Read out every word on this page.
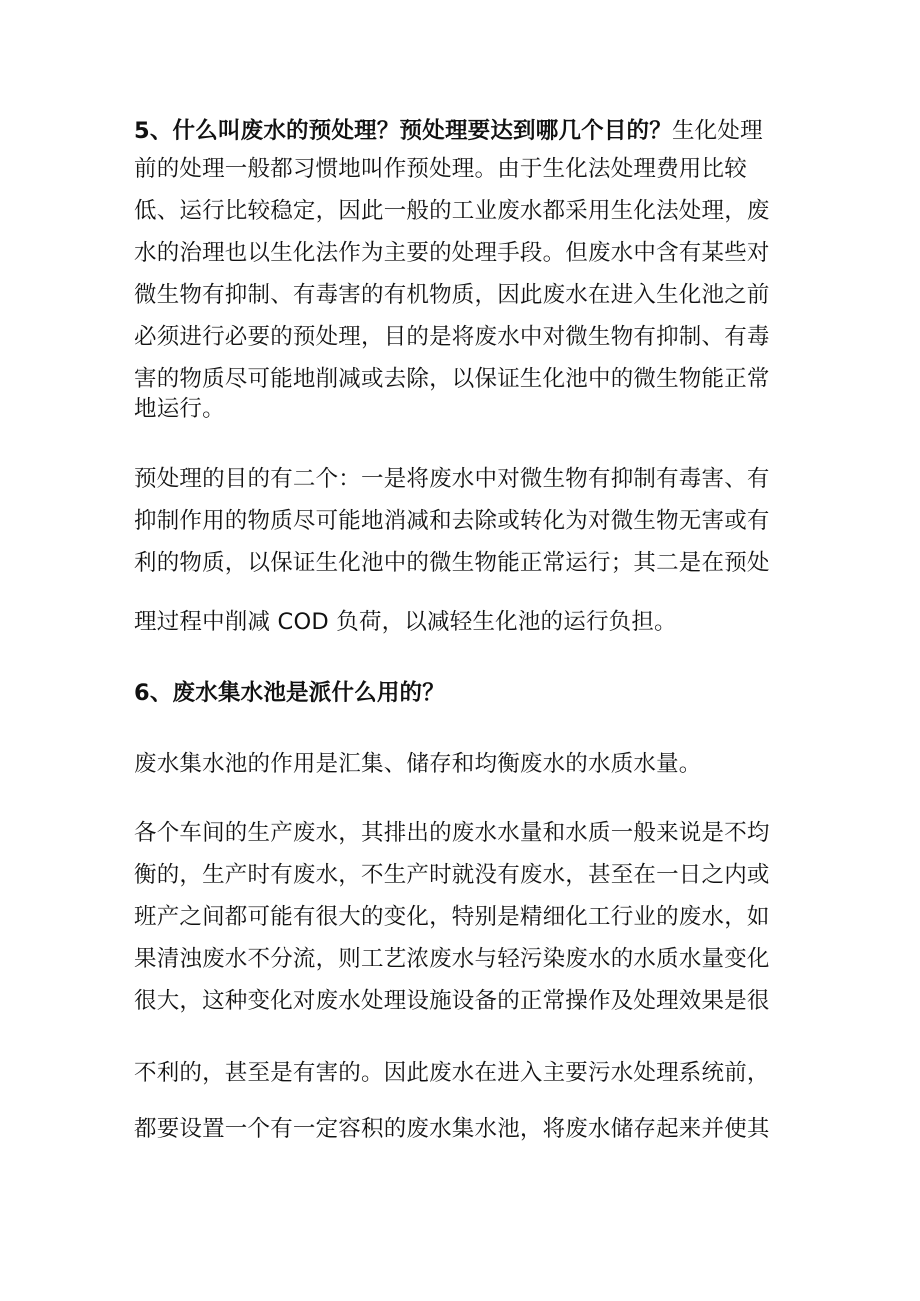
5、什么叫废水的预处理？预处理要达到哪几个目的？生化处理
前的处理一般都习惯地叫作预处理。由于生化法处理费用比较
低、运行比较稳定，因此一般的工业废水都采用生化法处理，废
水的治理也以生化法作为主要的处理手段。但废水中含有某些对
微生物有抑制、有毒害的有机物质，因此废水在进入生化池之前
必须进行必要的预处理，目的是将废水中对微生物有抑制、有毒
害的物质尽可能地削减或去除，以保证生化池中的微生物能正常
地运行。
预处理的目的有二个：一是将废水中对微生物有抑制有毒害、有
抑制作用的物质尽可能地消减和去除或转化为对微生物无害或有
利的物质，以保证生化池中的微生物能正常运行；其二是在预处
理过程中削减 COD 负荷，以减轻生化池的运行负担。
6、废水集水池是派什么用的？
废水集水池的作用是汇集、储存和均衡废水的水质水量。
各个车间的生产废水，其排出的废水水量和水质一般来说是不均
衡的，生产时有废水，不生产时就没有废水，甚至在一日之内或
班产之间都可能有很大的变化，特别是精细化工行业的废水，如
果清浊废水不分流，则工艺浓废水与轻污染废水的水质水量变化
很大，这种变化对废水处理设施设备的正常操作及处理效果是很
不利的，甚至是有害的。因此废水在进入主要污水处理系统前，
都要设置一个有一定容积的废水集水池，将废水储存起来并使其
